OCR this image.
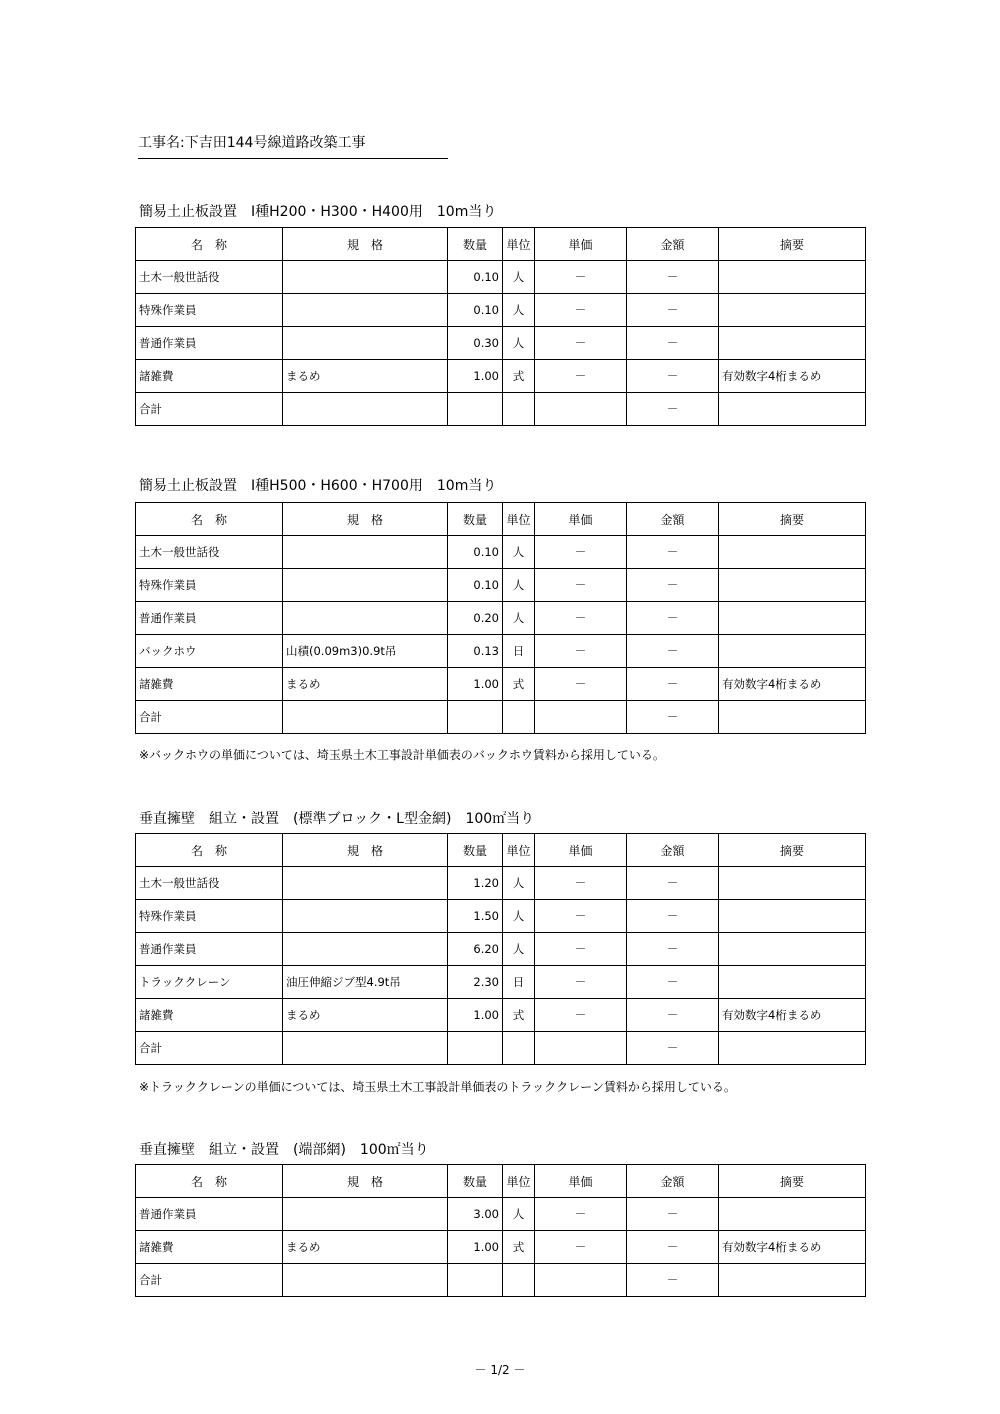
工事名:下吉田144号線道路改築工事
簡易土止板設置　Ⅰ種H200・H300・H400用　10m当り
名　称	規　格	数量	単位	単価	金額	摘要
土木一般世話役		0.10	人	－	－	
特殊作業員		0.10	人	－	－	
普通作業員		0.30	人	－	－	
諸雑費	まるめ	1.00	式	－	－	有効数字4桁まるめ
合計					－	
簡易土止板設置　Ⅰ種H500・H600・H700用　10m当り
名　称	規　格	数量	単位	単価	金額	摘要
土木一般世話役		0.10	人	－	－	
特殊作業員		0.10	人	－	－	
普通作業員		0.20	人	－	－	
バックホウ	山積(0.09m3)0.9t吊	0.13	日	－	－	
諸雑費	まるめ	1.00	式	－	－	有効数字4桁まるめ
合計					－	
※バックホウの単価については、埼玉県土木工事設計単価表のバックホウ賃料から採用している。
垂直擁壁　組立・設置　(標準ブロック・L型金網)　100㎡当り
名　称	規　格	数量	単位	単価	金額	摘要
土木一般世話役		1.20	人	－	－	
特殊作業員		1.50	人	－	－	
普通作業員		6.20	人	－	－	
トラッククレーン	油圧伸縮ジブ型4.9t吊	2.30	日	－	－	
諸雑費	まるめ	1.00	式	－	－	有効数字4桁まるめ
合計					－	
※トラッククレーンの単価については、埼玉県土木工事設計単価表のトラッククレーン賃料から採用している。
垂直擁壁　組立・設置　(端部網)　100㎡当り
名　称	規　格	数量	単位	単価	金額	摘要
普通作業員		3.00	人	－	－	
諸雑費	まるめ	1.00	式	－	－	有効数字4桁まるめ
合計					－	
－ 1/2 －
